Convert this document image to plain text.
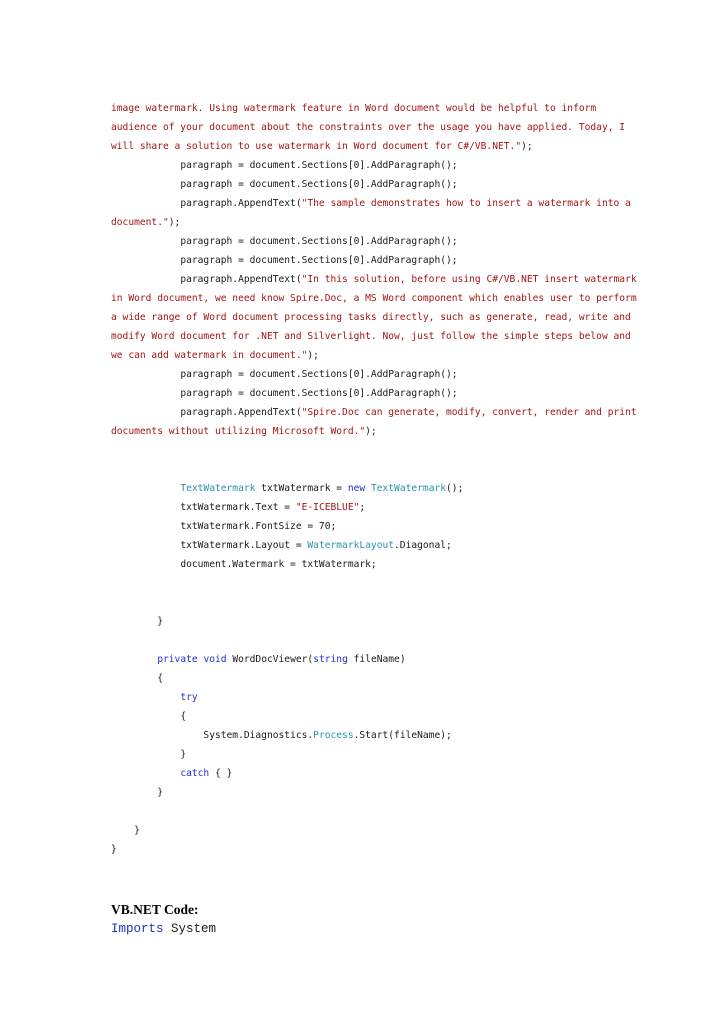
image watermark. Using watermark feature in Word document would be helpful to inform
audience of your document about the constraints over the usage you have applied. Today, I
will share a solution to use watermark in Word document for C#/VB.NET.");
paragraph = document.Sections[0].AddParagraph();
paragraph = document.Sections[0].AddParagraph();
paragraph.AppendText("The sample demonstrates how to insert a watermark into a
document.");
paragraph = document.Sections[0].AddParagraph();
paragraph = document.Sections[0].AddParagraph();
paragraph.AppendText("In this solution, before using C#/VB.NET insert watermark
in Word document, we need know Spire.Doc, a MS Word component which enables user to perform
a wide range of Word document processing tasks directly, such as generate, read, write and
modify Word document for .NET and Silverlight. Now, just follow the simple steps below and
we can add watermark in document.");
paragraph = document.Sections[0].AddParagraph();
paragraph = document.Sections[0].AddParagraph();
paragraph.AppendText("Spire.Doc can generate, modify, convert, render and print
documents without utilizing Microsoft Word.");
TextWatermark txtWatermark = new TextWatermark();
txtWatermark.Text = "E-ICEBLUE";
txtWatermark.FontSize = 70;
txtWatermark.Layout = WatermarkLayout.Diagonal;
document.Watermark = txtWatermark;
}
private void WordDocViewer(string fileName)
{
try
{
System.Diagnostics.Process.Start(fileName);
}
catch { }
}
}
}
VB.NET Code:
Imports System
